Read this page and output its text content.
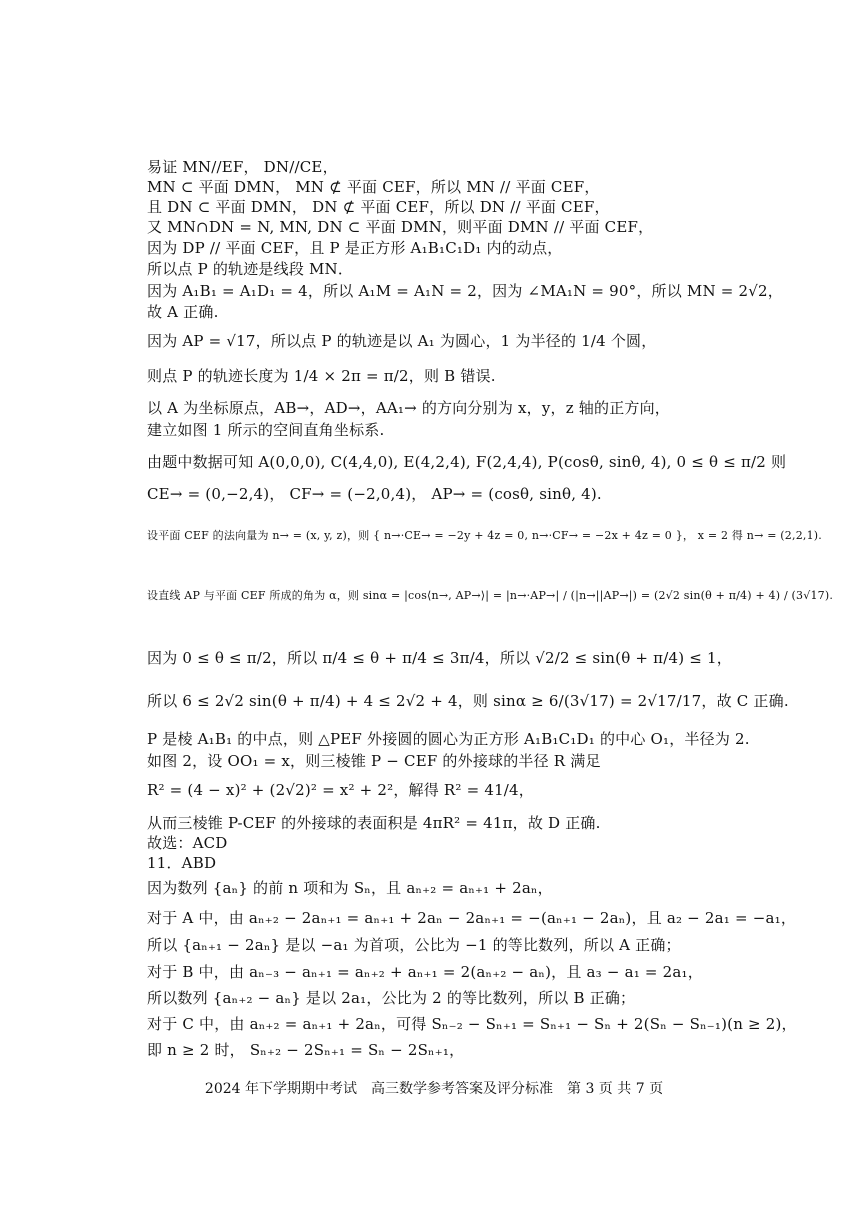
易证 MN//EF， DN//CE，
MN ⊂ 平面 DMN， MN ⊄ 平面 CEF，所以 MN // 平面 CEF，
且 DN ⊂ 平面 DMN， DN ⊄ 平面 CEF，所以 DN // 平面 CEF，
又 MN∩DN = N, MN, DN ⊂ 平面 DMN，则平面 DMN // 平面 CEF，
因为 DP // 平面 CEF，且 P 是正方形 A₁B₁C₁D₁ 内的动点，
所以点 P 的轨迹是线段 MN．
因为 A₁B₁ = A₁D₁ = 4，所以 A₁M = A₁N = 2，因为 ∠MA₁N = 90°，所以 MN = 2√2，
故 A 正确.
因为 AP = √17，所以点 P 的轨迹是以 A₁ 为圆心，1 为半径的 1/4 个圆，
则点 P 的轨迹长度为 1/4 × 2π = π/2，则 B 错误.
以 A 为坐标原点，AB→，AD→，AA₁→ 的方向分别为 x，y，z 轴的正方向，
建立如图 1 所示的空间直角坐标系.
由题中数据可知 A(0,0,0), C(4,4,0), E(4,2,4), F(2,4,4), P(cosθ, sinθ, 4), 0 ≤ θ ≤ π/2 则
CE→ = (0,−2,4)， CF→ = (−2,0,4)， AP→ = (cosθ, sinθ, 4).
设平面 CEF 的法向量为 n→ = (x, y, z)，则 { n→·CE→ = −2y + 4z = 0, n→·CF→ = −2x + 4z = 0 }， x = 2 得 n→ = (2,2,1).
设直线 AP 与平面 CEF 所成的角为 α，则 sinα = |cos⟨n→, AP→⟩| = |n→·AP→| / (|n→||AP→|) = (2√2 sin(θ + π/4) + 4) / (3√17).
因为 0 ≤ θ ≤ π/2，所以 π/4 ≤ θ + π/4 ≤ 3π/4，所以 √2/2 ≤ sin(θ + π/4) ≤ 1，
所以 6 ≤ 2√2 sin(θ + π/4) + 4 ≤ 2√2 + 4，则 sinα ≥ 6/(3√17) = 2√17/17，故 C 正确.
P 是棱 A₁B₁ 的中点，则 △PEF 外接圆的圆心为正方形 A₁B₁C₁D₁ 的中心 O₁，半径为 2.
如图 2，设 OO₁ = x，则三棱锥 P − CEF 的外接球的半径 R 满足
R² = (4 − x)² + (2√2)² = x² + 2²，解得 R² = 41/4，
从而三棱锥 P-CEF 的外接球的表面积是 4πR² = 41π，故 D 正确.
故选：ACD
11．ABD
因为数列 {aₙ} 的前 n 项和为 Sₙ，且 aₙ₊₂ = aₙ₊₁ + 2aₙ，
对于 A 中，由 aₙ₊₂ − 2aₙ₊₁ = aₙ₊₁ + 2aₙ − 2aₙ₊₁ = −(aₙ₊₁ − 2aₙ)，且 a₂ − 2a₁ = −a₁，
所以 {aₙ₊₁ − 2aₙ} 是以 −a₁ 为首项，公比为 −1 的等比数列，所以 A 正确；
对于 B 中，由 aₙ₋₃ − aₙ₊₁ = aₙ₊₂ + aₙ₊₁ = 2(aₙ₊₂ − aₙ)，且 a₃ − a₁ = 2a₁，
所以数列 {aₙ₊₂ − aₙ} 是以 2a₁，公比为 2 的等比数列，所以 B 正确；
对于 C 中，由 aₙ₊₂ = aₙ₊₁ + 2aₙ，可得 Sₙ₋₂ − Sₙ₊₁ = Sₙ₊₁ − Sₙ + 2(Sₙ − Sₙ₋₁)(n ≥ 2)，
即 n ≥ 2 时， Sₙ₊₂ − 2Sₙ₊₁ = Sₙ − 2Sₙ₊₁，
2024 年下学期期中考试　高三数学参考答案及评分标准　第 3 页 共 7 页
